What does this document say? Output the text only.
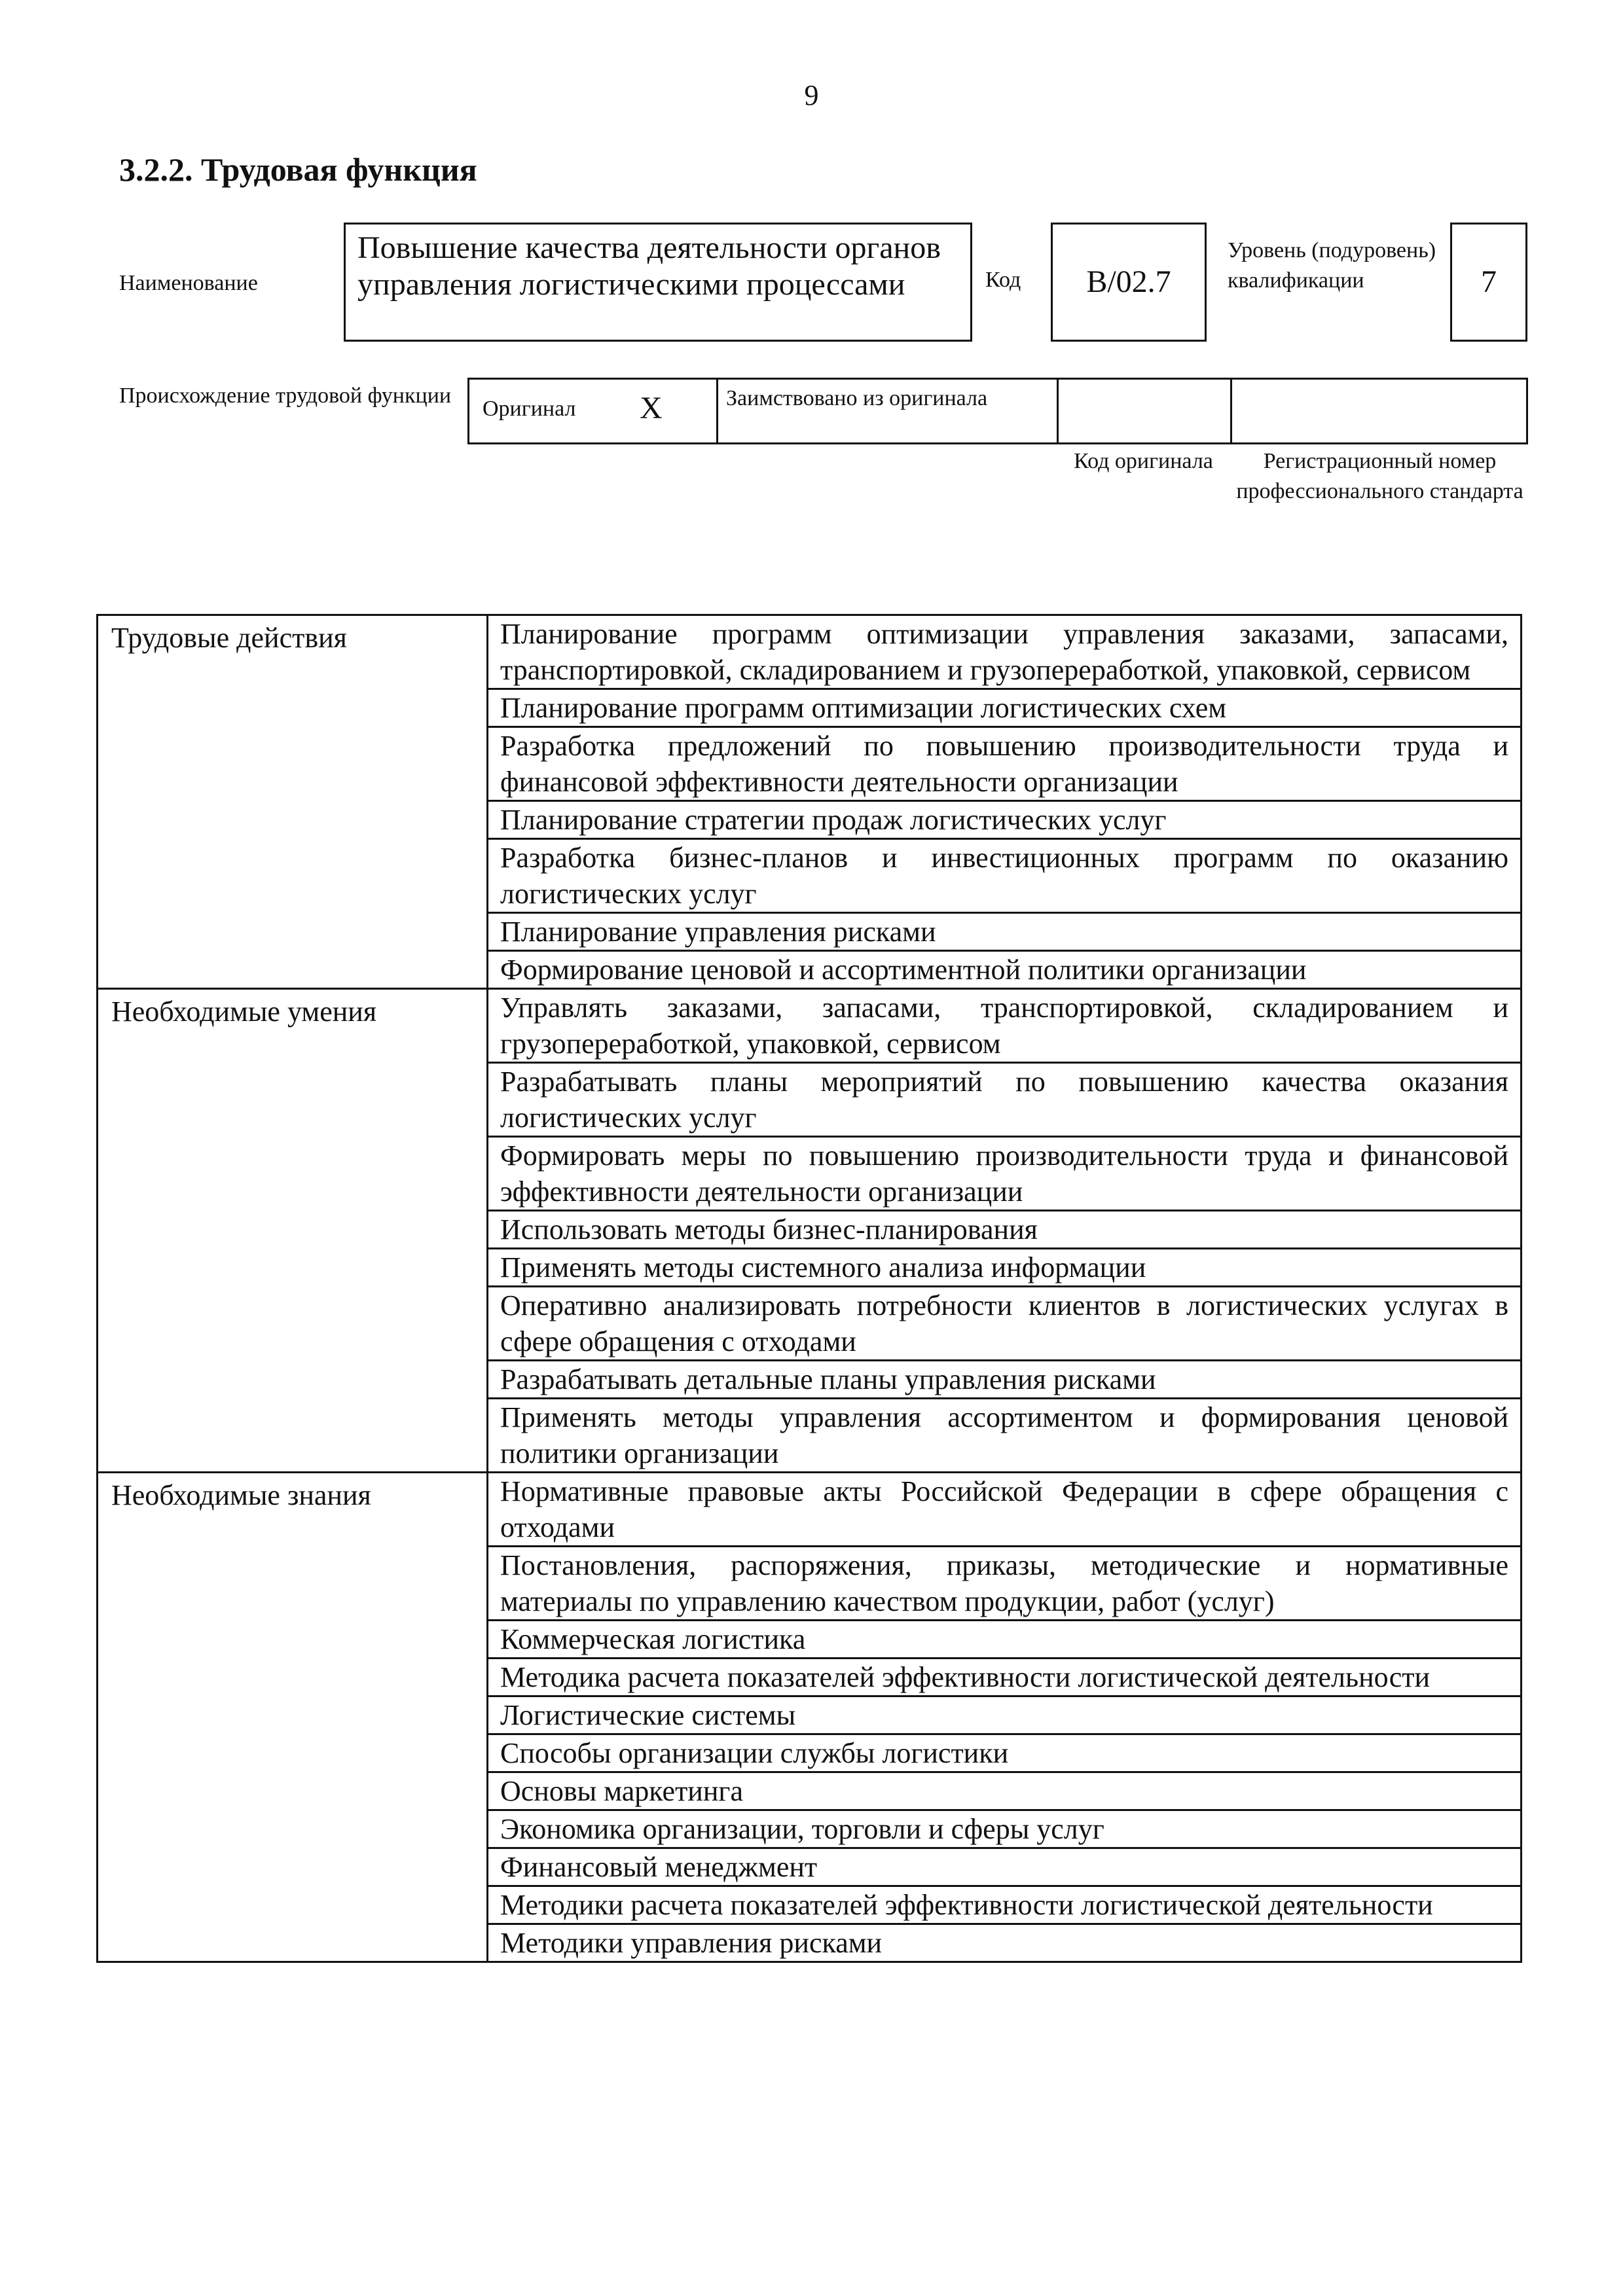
9
3.2.2. Трудовая функция
Наименование
Повышение качества деятельности органов управления логистическими процессами	Код B/02.7
Уровень (подуровень) квалификации	7
Происхождение трудовой функции
Оригинал X	Заимствовано из оригинала
Код оригинала	Регистрационный номер профессионального стандарта
Трудовые действия	Планирование программ оптимизации управления заказами, запасами, транспортировкой, складированием и грузопереработкой, упаковкой, сервисом
	Планирование программ оптимизации логистических схем
	Разработка предложений по повышению производительности труда и финансовой эффективности деятельности организации
	Планирование стратегии продаж логистических услуг
	Разработка бизнес-планов и инвестиционных программ по оказанию логистических услуг
	Планирование управления рисками
	Формирование ценовой и ассортиментной политики организации
Необходимые умения	Управлять заказами, запасами, транспортировкой, складированием и грузопереработкой, упаковкой, сервисом
	Разрабатывать планы мероприятий по повышению качества оказания логистических услуг
	Формировать меры по повышению производительности труда и финансовой эффективности деятельности организации
	Использовать методы бизнес-планирования
	Применять методы системного анализа информации
	Оперативно анализировать потребности клиентов в логистических услугах в сфере обращения с отходами
	Разрабатывать детальные планы управления рисками
	Применять методы управления ассортиментом и формирования ценовой политики организации
Необходимые знания	Нормативные правовые акты Российской Федерации в сфере обращения с отходами
	Постановления, распоряжения, приказы, методические и нормативные материалы по управлению качеством продукции, работ (услуг)
	Коммерческая логистика
	Методика расчета показателей эффективности логистической деятельности
	Логистические системы
	Способы организации службы логистики
	Основы маркетинга
	Экономика организации, торговли и сферы услуг
	Финансовый менеджмент
	Методики расчета показателей эффективности логистической деятельности
	Методики управления рисками
